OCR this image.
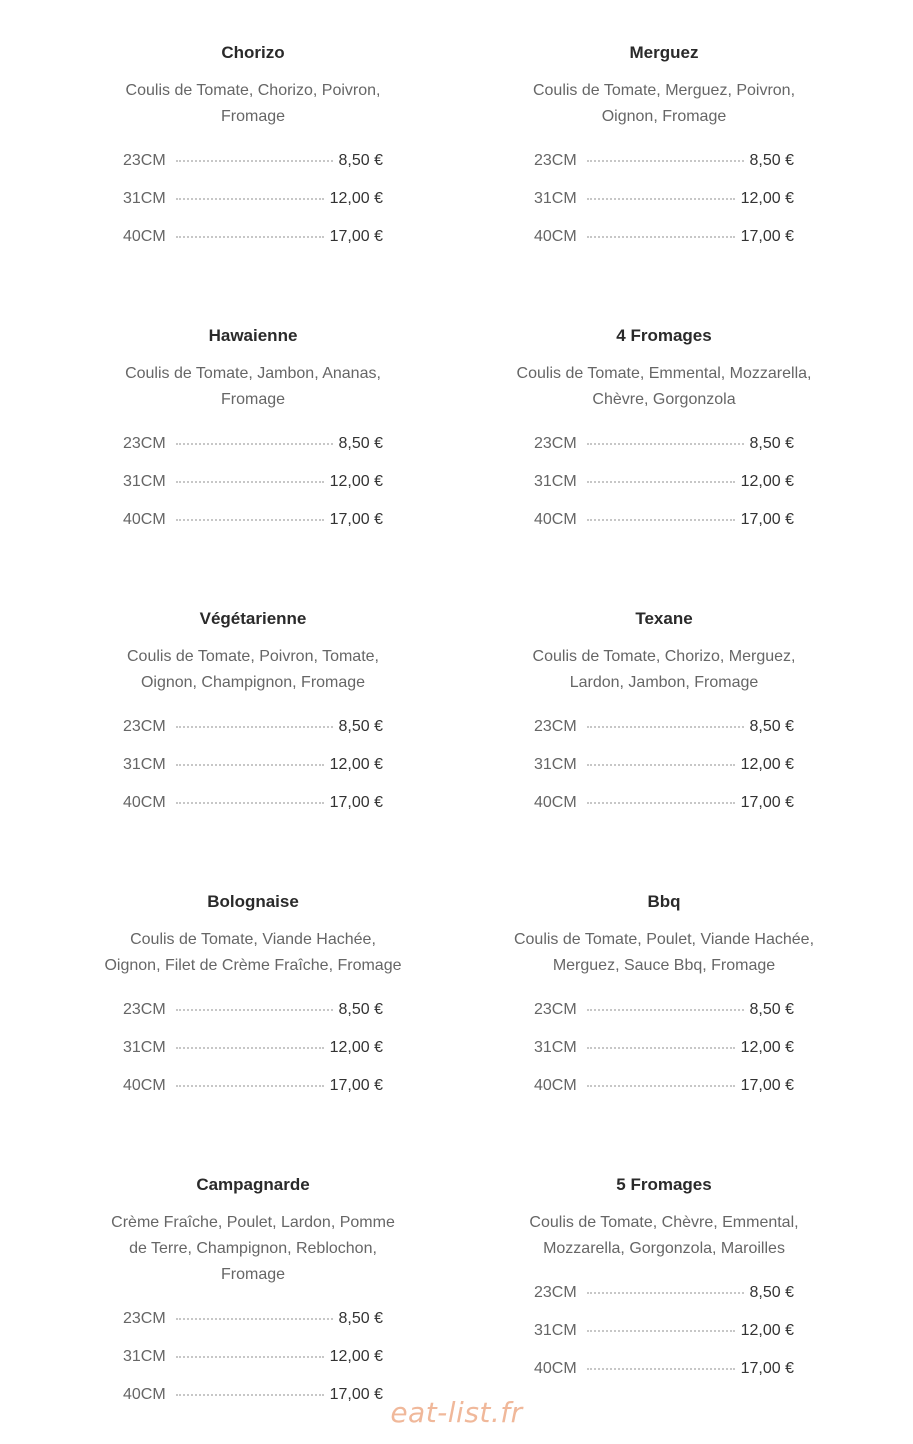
Chorizo
Coulis de Tomate, Chorizo, Poivron,
Fromage
23CM	8,50 €
31CM	12,00 €
40CM	17,00 €
Merguez
Coulis de Tomate, Merguez, Poivron,
Oignon, Fromage
23CM	8,50 €
31CM	12,00 €
40CM	17,00 €
Hawaienne
Coulis de Tomate, Jambon, Ananas,
Fromage
23CM	8,50 €
31CM	12,00 €
40CM	17,00 €
4 Fromages
Coulis de Tomate, Emmental, Mozzarella,
Chèvre, Gorgonzola
23CM	8,50 €
31CM	12,00 €
40CM	17,00 €
Végétarienne
Coulis de Tomate, Poivron, Tomate,
Oignon, Champignon, Fromage
23CM	8,50 €
31CM	12,00 €
40CM	17,00 €
Texane
Coulis de Tomate, Chorizo, Merguez,
Lardon, Jambon, Fromage
23CM	8,50 €
31CM	12,00 €
40CM	17,00 €
Bolognaise
Coulis de Tomate, Viande Hachée,
Oignon, Filet de Crème Fraîche, Fromage
23CM	8,50 €
31CM	12,00 €
40CM	17,00 €
Bbq
Coulis de Tomate, Poulet, Viande Hachée,
Merguez, Sauce Bbq, Fromage
23CM	8,50 €
31CM	12,00 €
40CM	17,00 €
Campagnarde
Crème Fraîche, Poulet, Lardon, Pomme
de Terre, Champignon, Reblochon,
Fromage
23CM	8,50 €
31CM	12,00 €
40CM	17,00 €
5 Fromages
Coulis de Tomate, Chèvre, Emmental,
Mozzarella, Gorgonzola, Maroilles
23CM	8,50 €
31CM	12,00 €
40CM	17,00 €
eat-list.fr
